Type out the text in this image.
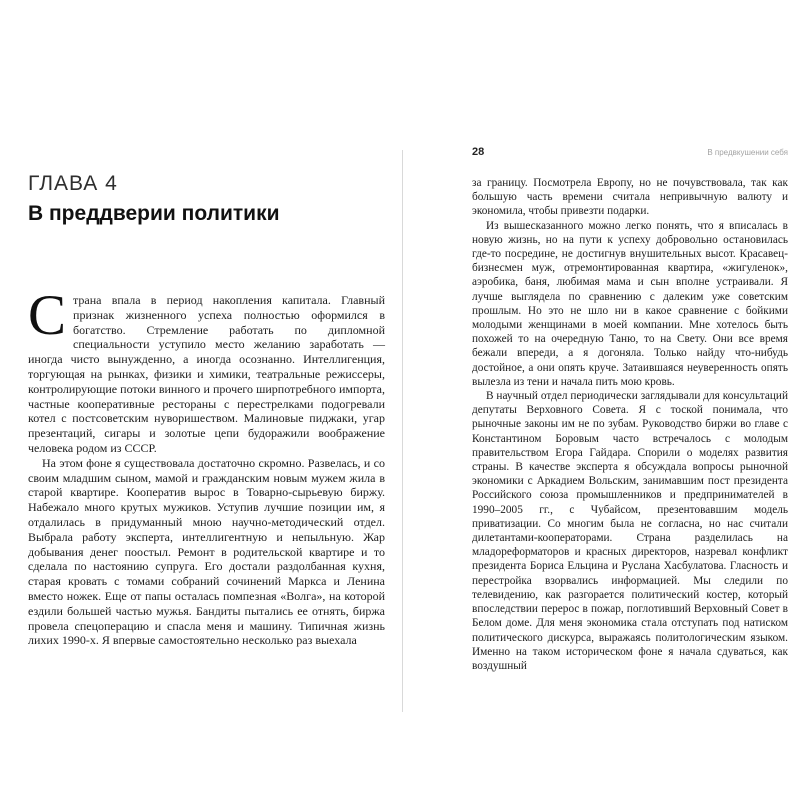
ГЛАВА 4
В преддверии политики

Страна впала в период накопления капитала. Главный признак жизненного успеха полностью оформился в богатство. Стремление работать по дипломной специальности уступило место желанию заработать — иногда чисто вынужденно, а иногда осознанно. Интеллигенция, торгующая на рынках, физики и химики, театральные режиссеры, контролирующие потоки винного и прочего ширпотребного импорта, частные кооперативные рестораны с перестрелками подогревали котел с постсоветским нуворишеством. Малиновые пиджаки, угар презентаций, сигары и золотые цепи будоражили воображение человека родом из СССР.

На этом фоне я существовала достаточно скромно. Развелась, и со своим младшим сыном, мамой и гражданским новым мужем жила в старой квартире. Кооператив вырос в Товарно-сырьевую биржу. Набежало много крутых мужиков. Уступив лучшие позиции им, я отдалилась в придуманный мною научно-методический отдел. Выбрала работу эксперта, интеллигентную и непыльную. Жар добывания денег поостыл. Ремонт в родительской квартире и то сделала по настоянию супруга. Его достали раздолбанная кухня, старая кровать с томами собраний сочинений Маркса и Ленина вместо ножек. Еще от папы осталась помпезная «Волга», на которой ездили большей частью мужья. Бандиты пытались ее отнять, биржа провела спецоперацию и спасла меня и машину. Типичная жизнь лихих 1990-х. Я впервые самостоятельно несколько раз выехала

28	В предвкушении себя

за границу. Посмотрела Европу, но не почувствовала, так как большую часть времени считала непривычную валюту и экономила, чтобы привезти подарки.

Из вышесказанного можно легко понять, что я вписалась в новую жизнь, но на пути к успеху добровольно остановилась где-то посредине, не достигнув внушительных высот. Красавец-бизнесмен муж, отремонтированная квартира, «жигуленок», аэробика, баня, любимая мама и сын вполне устраивали. Я лучше выглядела по сравнению с далеким уже советским прошлым. Но это не шло ни в какое сравнение с бойкими молодыми женщинами в моей компании. Мне хотелось быть похожей то на очередную Таню, то на Свету. Они все время бежали впереди, а я догоняла. Только найду что-нибудь достойное, а они опять круче. Затаившаяся неуверенность опять вылезла из тени и начала пить мою кровь.

В научный отдел периодически заглядывали для консультаций депутаты Верховного Совета. Я с тоской понимала, что рыночные законы им не по зубам. Руководство биржи во главе с Константином Боровым часто встречалось с молодым правительством Егора Гайдара. Спорили о моделях развития страны. В качестве эксперта я обсуждала вопросы рыночной экономики с Аркадием Вольским, занимавшим пост президента Российского союза промышленников и предпринимателей в 1990–2005 гг., с Чубайсом, презентовавшим модель приватизации. Со многим была не согласна, но нас считали дилетантами-кооператорами. Страна разделилась на младореформаторов и красных директоров, назревал конфликт президента Бориса Ельцина и Руслана Хасбулатова. Гласность и перестройка взорвались информацией. Мы следили по телевидению, как разгорается политический костер, который впоследствии перерос в пожар, поглотивший Верховный Совет в Белом доме. Для меня экономика стала отступать под натиском политического дискурса, выражаясь политологическим языком. Именно на таком историческом фоне я начала сдуваться, как воздушный
